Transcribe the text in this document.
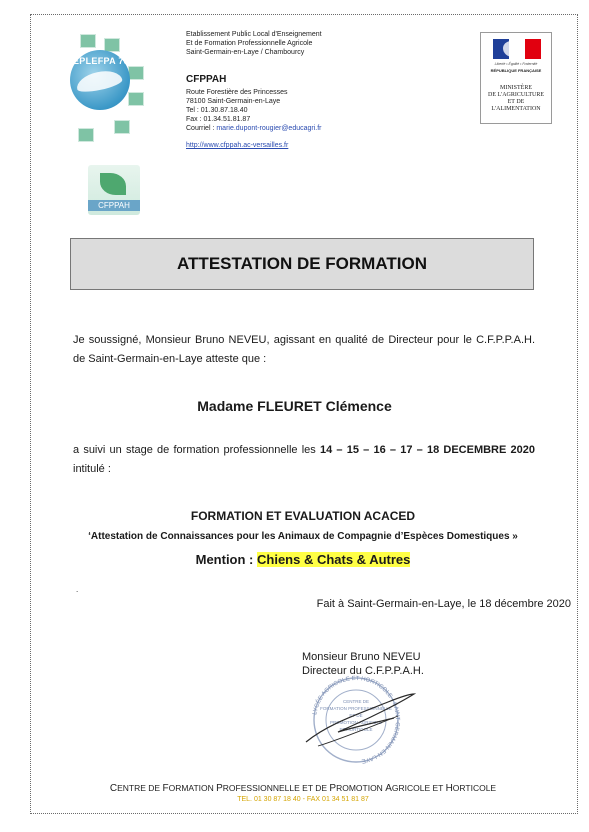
EPLEFPA 78
CFPPAH
Etablissement Public Local d'Enseignement
Et de Formation Professionnelle Agricole
Saint-Germain-en-Laye / Chambourcy
CFPPAH
Route Forestière des Princesses
78100 Saint-Germain-en-Laye
Tel : 01.30.87.18.40
Fax : 01.34.51.81.87
Courriel : marie.dupont-rougier@educagri.fr
http://www.cfppah.ac-versailles.fr
Liberté • Égalité • Fraternité
RÉPUBLIQUE FRANÇAISE
MINISTÈRE
DE L'AGRICULTURE
ET DE
L'ALIMENTATION
ATTESTATION DE FORMATION
Je soussigné, Monsieur Bruno NEVEU, agissant en qualité de Directeur pour le C.F.P.P.A.H. de Saint-Germain-en-Laye atteste que :
Madame FLEURET Clémence
a suivi un stage de formation professionnelle les 14 – 15 – 16 – 17 – 18 DECEMBRE 2020 intitulé :
FORMATION ET EVALUATION ACACED
‘Attestation de Connaissances pour les Animaux de Compagnie d’Espèces Domestiques »
Mention : Chiens & Chats & Autres
.
Fait à Saint-Germain-en-Laye, le 18 décembre 2020
Monsieur Bruno NEVEU
Directeur du C.F.P.P.A.H.
LYCÉE AGRICOLE ET HORTICOLE • SAINT-GERMAIN-EN-LAYE
CENTRE DE
FORMATION PROFESSIONNELLE
ET DE
PROMOTION AGRICOLE
ET HORTICOLE
CENTRE DE FORMATION PROFESSIONNELLE ET DE PROMOTION AGRICOLE ET HORTICOLE
TEL. 01 30 87 18 40 - FAX 01 34 51 81 87
